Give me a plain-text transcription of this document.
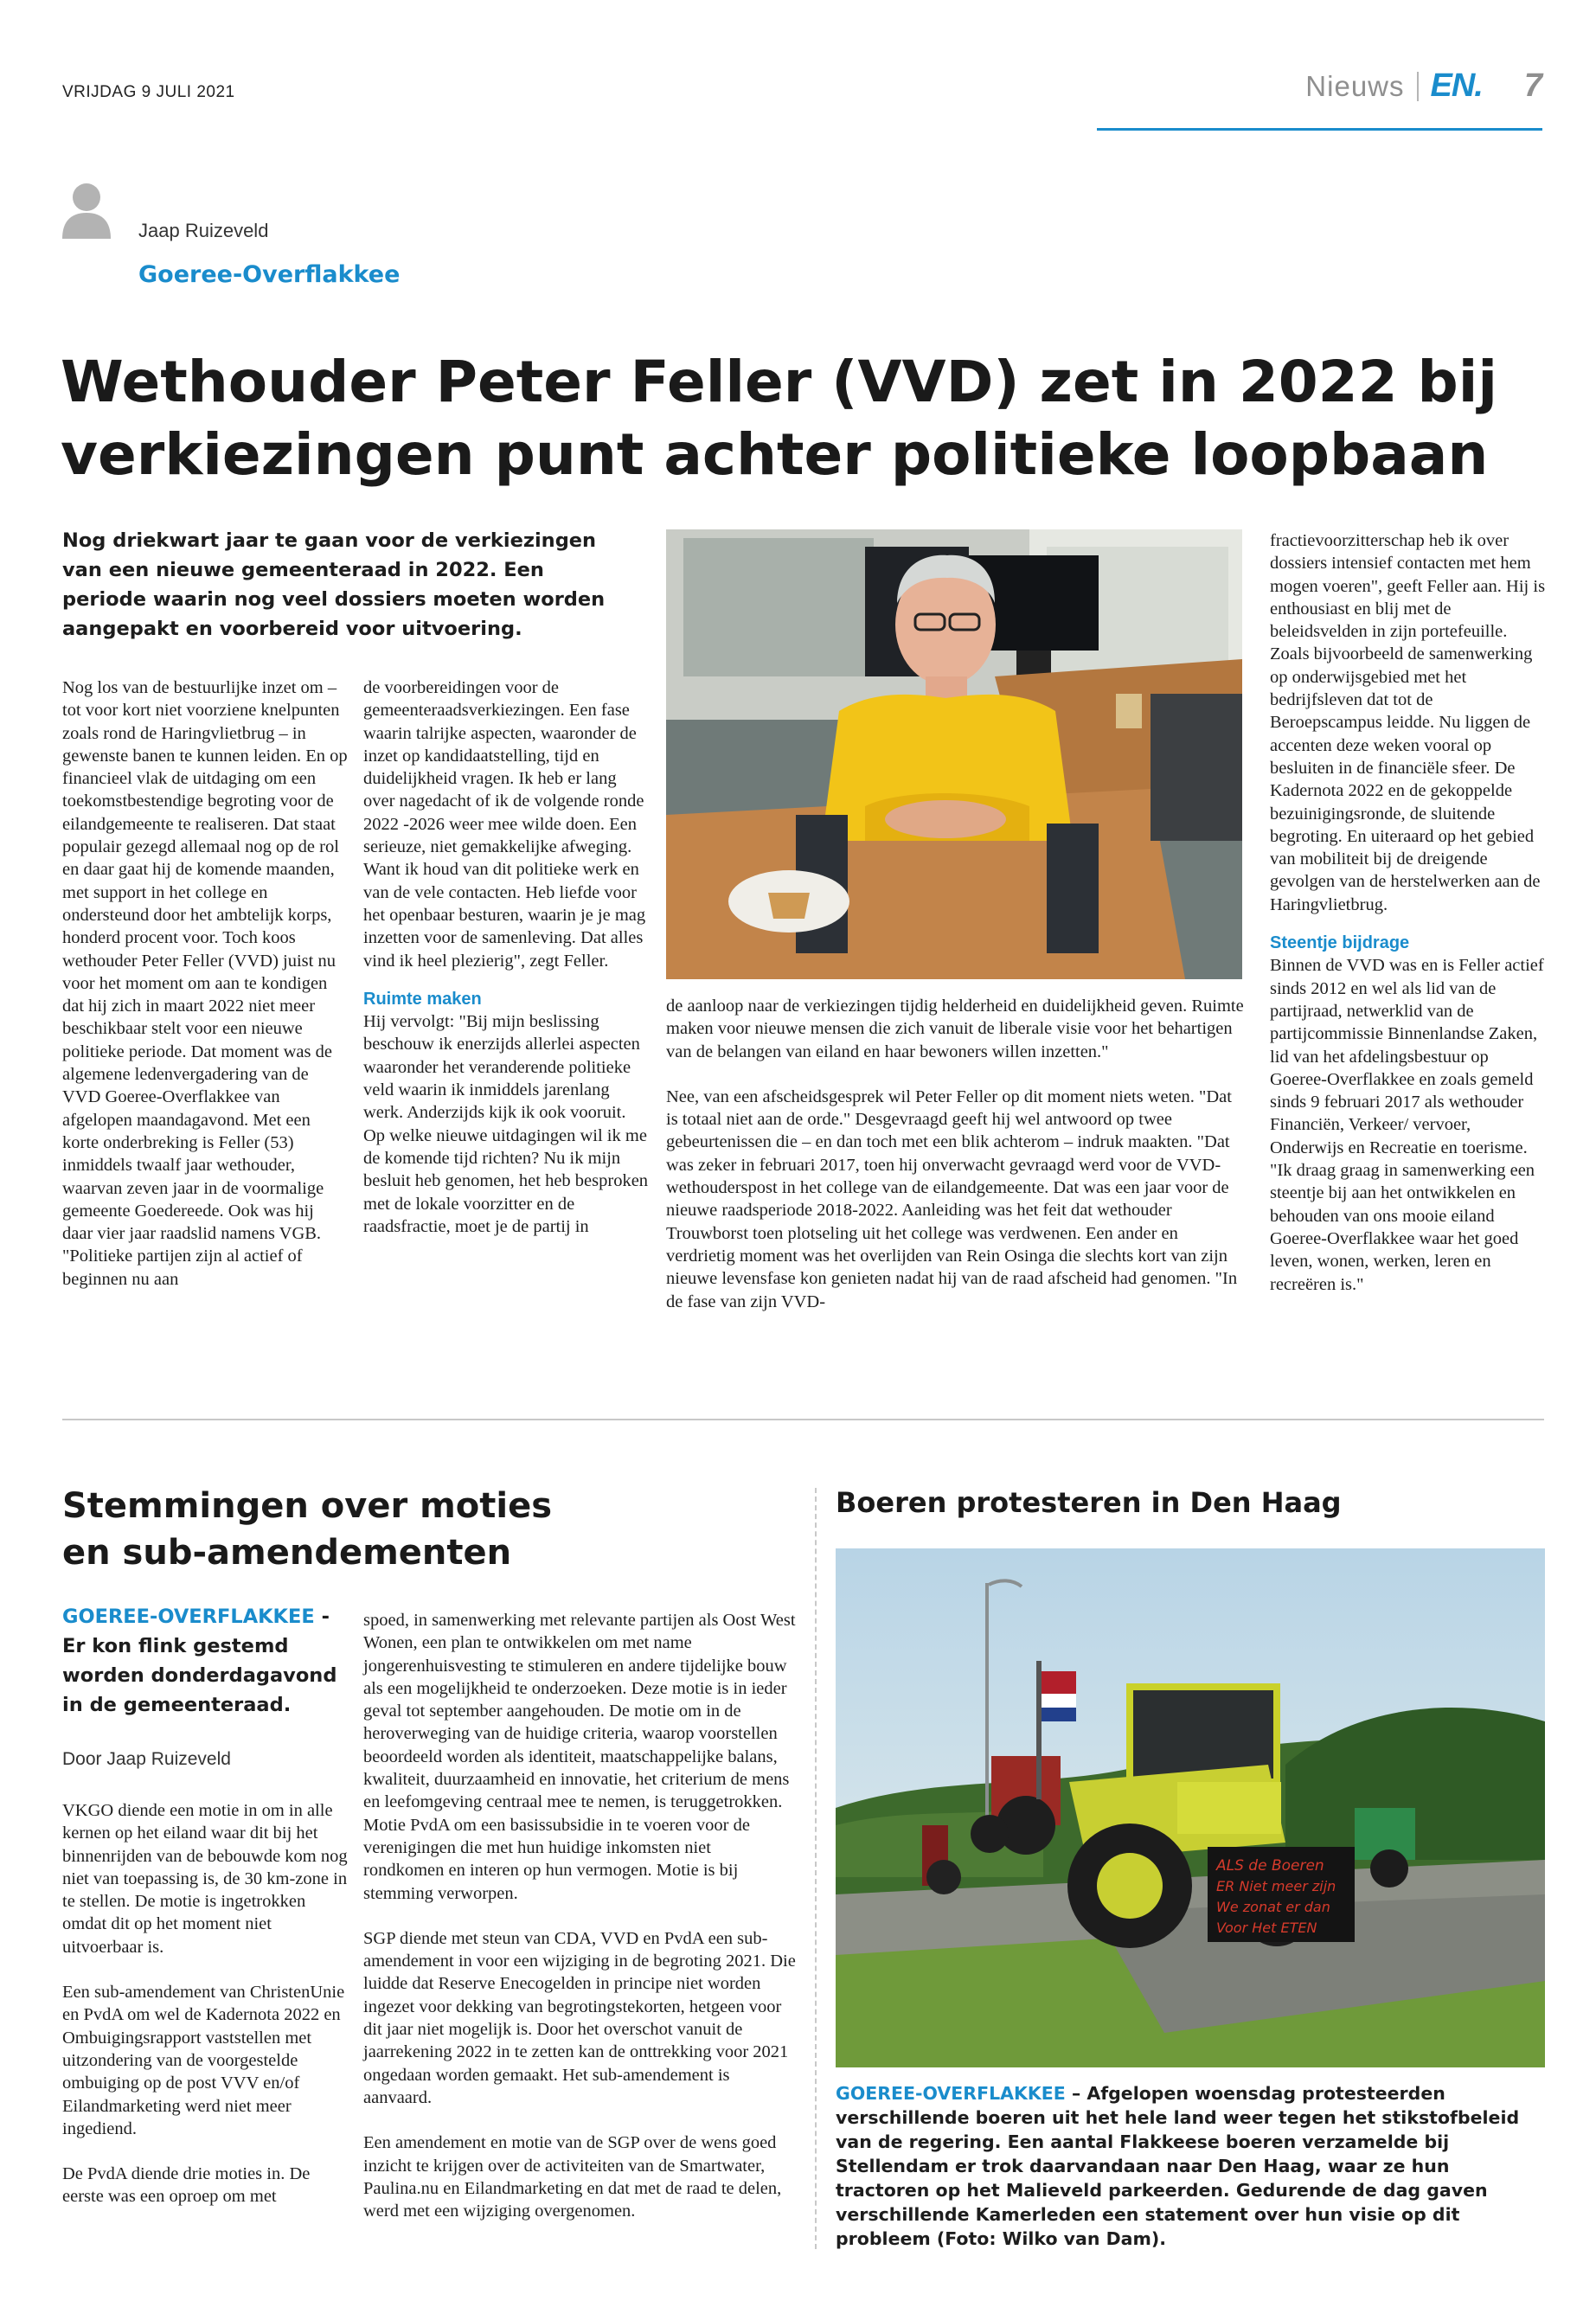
VRIJDAG 9 JULI 2021	Nieuws EN. 7
Jaap Ruizeveld
Goeree-Overflakkee
Wethouder Peter Feller (VVD) zet in 2022 bij verkiezingen punt achter politieke loopbaan
Nog driekwart jaar te gaan voor de verkiezingen van een nieuwe gemeenteraad in 2022. Een periode waarin nog veel dossiers moeten worden aangepakt en voorbereid voor uitvoering.

Nog los van de bestuurlijke inzet om – tot voor kort niet voorziene knelpunten zoals rond de Haringvlietbrug – in gewenste banen te kunnen leiden. En op financieel vlak de uitdaging om een toekomstbestendige begroting voor de eilandgemeente te realiseren. Dat staat populair gezegd allemaal nog op de rol en daar gaat hij de komende maanden, met support in het college en ondersteund door het ambtelijk korps, honderd procent voor. Toch koos wethouder Peter Feller (VVD) juist nu voor het moment om aan te kondigen dat hij zich in maart 2022 niet meer beschikbaar stelt voor een nieuwe politieke periode. Dat moment was de algemene ledenvergadering van de VVD Goeree-Overflakkee van afgelopen maandagavond. Met een korte onderbreking is Feller (53) inmiddels twaalf jaar wethouder, waarvan zeven jaar in de voormalige gemeente Goedereede. Ook was hij daar vier jaar raadslid namens VGB. "Politieke partijen zijn al actief of beginnen nu aan

de voorbereidingen voor de gemeenteraadsverkiezingen. Een fase waarin talrijke aspecten, waaronder de inzet op kandidaatstelling, tijd en duidelijkheid vragen. Ik heb er lang over nagedacht of ik de volgende ronde 2022 -2026 weer mee wilde doen. Een serieuze, niet gemakkelijke afweging. Want ik houd van dit politieke werk en van de vele contacten. Heb liefde voor het openbaar besturen, waarin je je mag inzetten voor de samenleving. Dat alles vind ik heel plezierig", zegt Feller.

Ruimte maken

Hij vervolgt: "Bij mijn beslissing beschouw ik enerzijds allerlei aspecten waaronder het veranderende politieke veld waarin ik inmiddels jarenlang werk. Anderzijds kijk ik ook vooruit. Op welke nieuwe uitdagingen wil ik me de komende tijd richten? Nu ik mijn besluit heb genomen, het heb besproken met de lokale voorzitter en de raadsfractie, moet je de partij in

de aanloop naar de verkiezingen tijdig helderheid en duidelijkheid geven. Ruimte maken voor nieuwe mensen die zich vanuit de liberale visie voor het behartigen van de belangen van eiland en haar bewoners willen inzetten."

Nee, van een afscheidsgesprek wil Peter Feller op dit moment niets weten. "Dat is totaal niet aan de orde." Desgevraagd geeft hij wel antwoord op twee gebeurtenissen die – en dan toch met een blik achterom – indruk maakten. "Dat was zeker in februari 2017, toen hij onverwacht gevraagd werd voor de VVD-wethouderspost in het college van de eilandgemeente. Dat was een jaar voor de nieuwe raadsperiode 2018-2022. Aanleiding was het feit dat wethouder Trouwborst toen plotseling uit het college was verdwenen. Een ander en verdrietig moment was het overlijden van Rein Osinga die slechts kort van zijn nieuwe levensfase kon genieten nadat hij van de raad afscheid had genomen. "In de fase van zijn VVD-

fractievoorzitterschap heb ik over dossiers intensief contacten met hem mogen voeren", geeft Feller aan. Hij is enthousiast en blij met de beleidsvelden in zijn portefeuille. Zoals bijvoorbeeld de samenwerking op onderwijsgebied met het bedrijfsleven dat tot de Beroepscampus leidde. Nu liggen de accenten deze weken vooral op besluiten in de financiële sfeer. De Kadernota 2022 en de gekoppelde bezuinigingsronde, de sluitende begroting. En uiteraard op het gebied van mobiliteit bij de dreigende gevolgen van de herstelwerken aan de Haringvlietbrug.

Steentje bijdrage

Binnen de VVD was en is Feller actief sinds 2012 en wel als lid van de partijraad, netwerklid van de partijcommissie Binnenlandse Zaken, lid van het afdelingsbestuur op Goeree-Overflakkee en zoals gemeld sinds 9 februari 2017 als wethouder Financiën, Verkeer/ vervoer, Onderwijs en Recreatie en toerisme. "Ik draag graag in samenwerking een steentje bij aan het ontwikkelen en behouden van ons mooie eiland Goeree-Overflakkee waar het goed leven, wonen, werken, leren en recreëren is."

Stemmingen over moties en sub-amendementen
GOEREE-OVERFLAKKEE -
Er kon flink gestemd worden donderdagavond in de gemeenteraad.
Door Jaap Ruizeveld

VKGO diende een motie in om in alle kernen op het eiland waar dit bij het binnenrijden van de bebouwde kom nog niet van toepassing is, de 30 km-zone in te stellen. De motie is ingetrokken omdat dit op het moment niet uitvoerbaar is.

Een sub-amendement van ChristenUnie en PvdA om wel de Kadernota 2022 en Ombuigingsrapport vaststellen met uitzondering van de voorgestelde ombuiging op de post VVV en/of Eilandmarketing werd niet meer ingediend.

De PvdA diende drie moties in. De eerste was een oproep om met

spoed, in samenwerking met relevante partijen als Oost West Wonen, een plan te ontwikkelen om met name jongerenhuisvesting te stimuleren en andere tijdelijke bouw als een mogelijkheid te onderzoeken. Deze motie is in ieder geval tot september aangehouden. De motie om in de heroverweging van de huidige criteria, waarop voorstellen beoordeeld worden als identiteit, maatschappelijke balans, kwaliteit, duurzaamheid en innovatie, het criterium de mens en leefomgeving centraal mee te nemen, is teruggetrokken. Motie PvdA om een basissubsidie in te voeren voor de verenigingen die met hun huidige inkomsten niet rondkomen en interen op hun vermogen. Motie is bij stemming verworpen.

SGP diende met steun van CDA, VVD en PvdA een sub-amendement in voor een wijziging in de begroting 2021. Die luidde dat Reserve Enecogelden in principe niet worden ingezet voor dekking van begrotingstekorten, hetgeen voor dit jaar niet mogelijk is. Door het overschot vanuit de jaarrekening 2022 in te zetten kan de onttrekking voor 2021 ongedaan worden gemaakt. Het sub-amendement is aanvaard.

Een amendement en motie van de SGP over de wens goed inzicht te krijgen over de activiteiten van de Smartwater, Paulina.nu en Eilandmarketing en dat met de raad te delen, werd met een wijziging overgenomen.

Boeren protesteren in Den Haag
ALS de Boeren
ER Niet meer zijn
We zonat er dan
Voor Het ETEN
GOEREE-OVERFLAKKEE – Afgelopen woensdag protesteerden verschillende boeren uit het hele land weer tegen het stikstofbeleid van de regering. Een aantal Flakkeese boeren verzamelde bij Stellendam er trok daarvandaan naar Den Haag, waar ze hun tractoren op het Malieveld parkeerden. Gedurende de dag gaven verschillende Kamerleden een statement over hun visie op dit probleem (Foto: Wilko van Dam).
